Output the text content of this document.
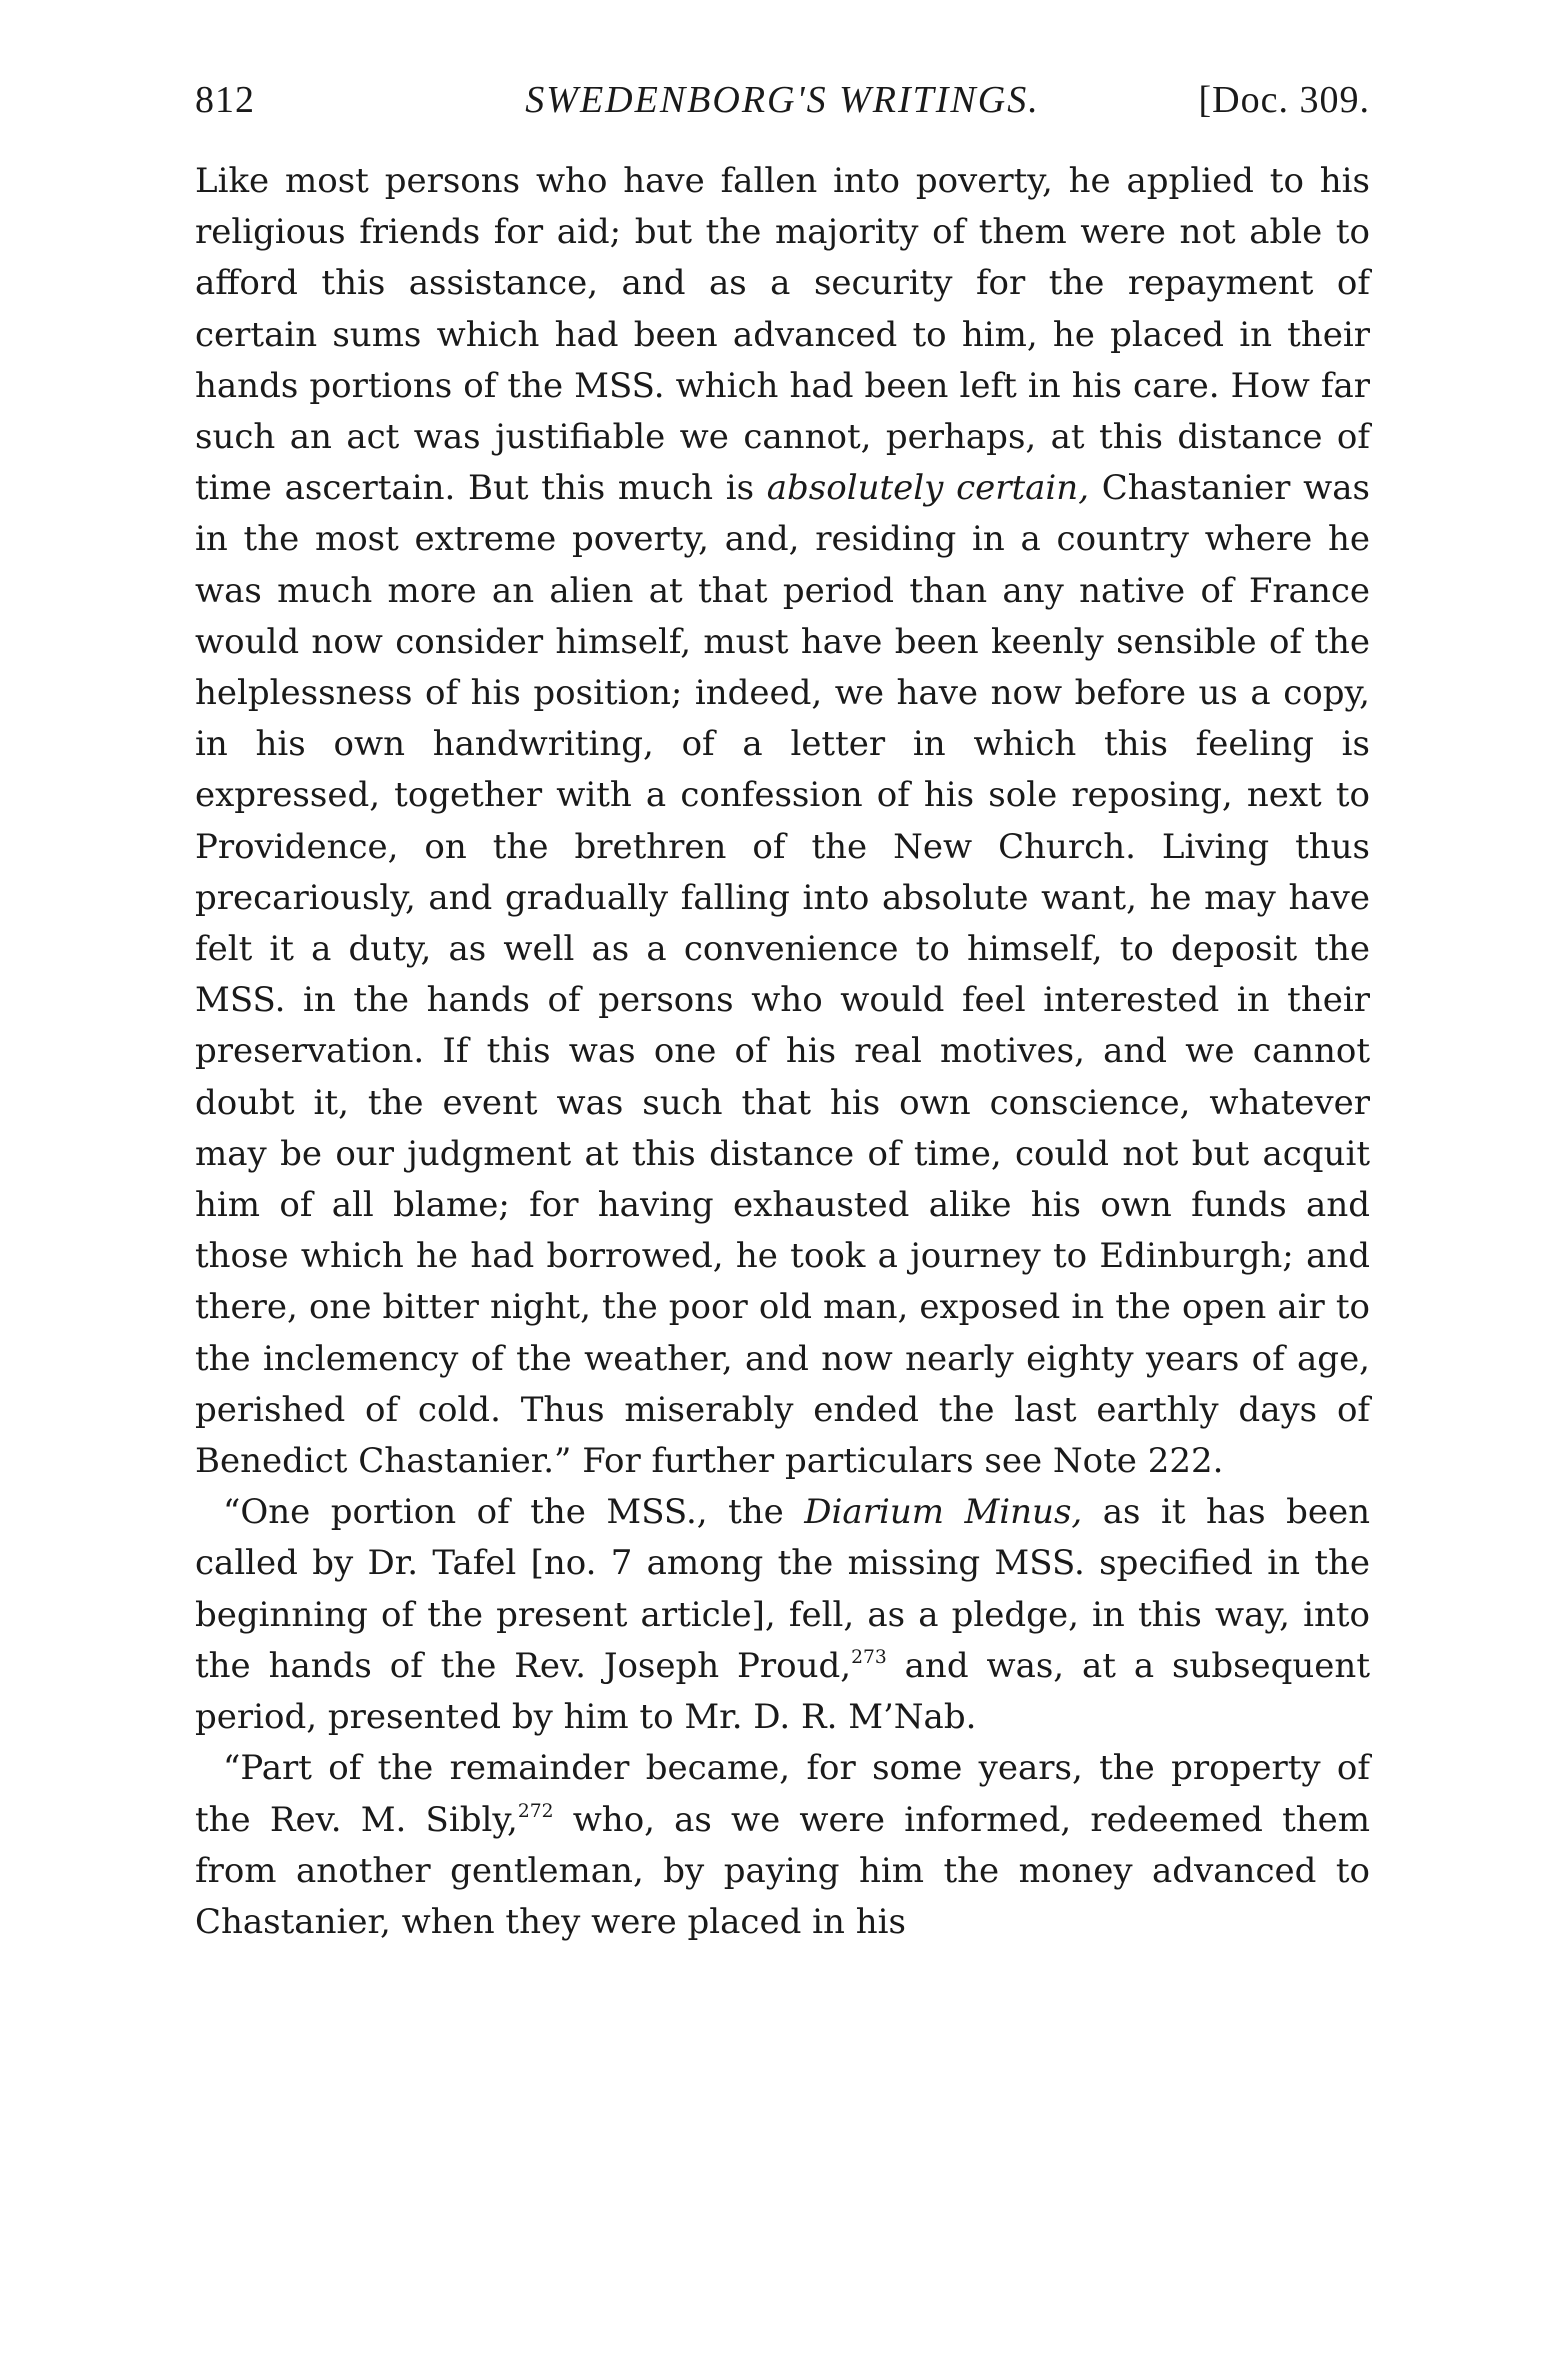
812	SWEDENBORG'S WRITINGS.	[Doc. 309.

Like most persons who have fallen into poverty, he applied to his religious friends for aid; but the majority of them were not able to afford this assistance, and as a security for the repayment of certain sums which had been advanced to him, he placed in their hands portions of the MSS. which had been left in his care. How far such an act was justifiable we cannot, perhaps, at this distance of time ascertain. But this much is absolutely certain, Chastanier was in the most extreme poverty, and, residing in a country where he was much more an alien at that period than any native of France would now consider himself, must have been keenly sensible of the helplessness of his position; indeed, we have now before us a copy, in his own handwriting, of a letter in which this feeling is expressed, together with a confession of his sole reposing, next to Providence, on the brethren of the New Church. Living thus precariously, and gradually falling into absolute want, he may have felt it a duty, as well as a convenience to himself, to deposit the MSS. in the hands of persons who would feel interested in their preservation. If this was one of his real motives, and we cannot doubt it, the event was such that his own conscience, whatever may be our judgment at this distance of time, could not but acquit him of all blame; for having exhausted alike his own funds and those which he had borrowed, he took a journey to Edinburgh; and there, one bitter night, the poor old man, exposed in the open air to the inclemency of the weather, and now nearly eighty years of age, perished of cold. Thus miserably ended the last earthly days of Benedict Chastanier.” For further particulars see Note 222.

“One portion of the MSS., the Diarium Minus, as it has been called by Dr. Tafel [no. 7 among the missing MSS. specified in the beginning of the present article], fell, as a pledge, in this way, into the hands of the Rev. Joseph Proud,$^{273}$ and was, at a subsequent period, presented by him to Mr. D. R. M’Nab.

“Part of the remainder became, for some years, the property of the Rev. M. Sibly,$^{272}$ who, as we were informed, redeemed them from another gentleman, by paying him the money advanced to Chastanier, when they were placed in his
